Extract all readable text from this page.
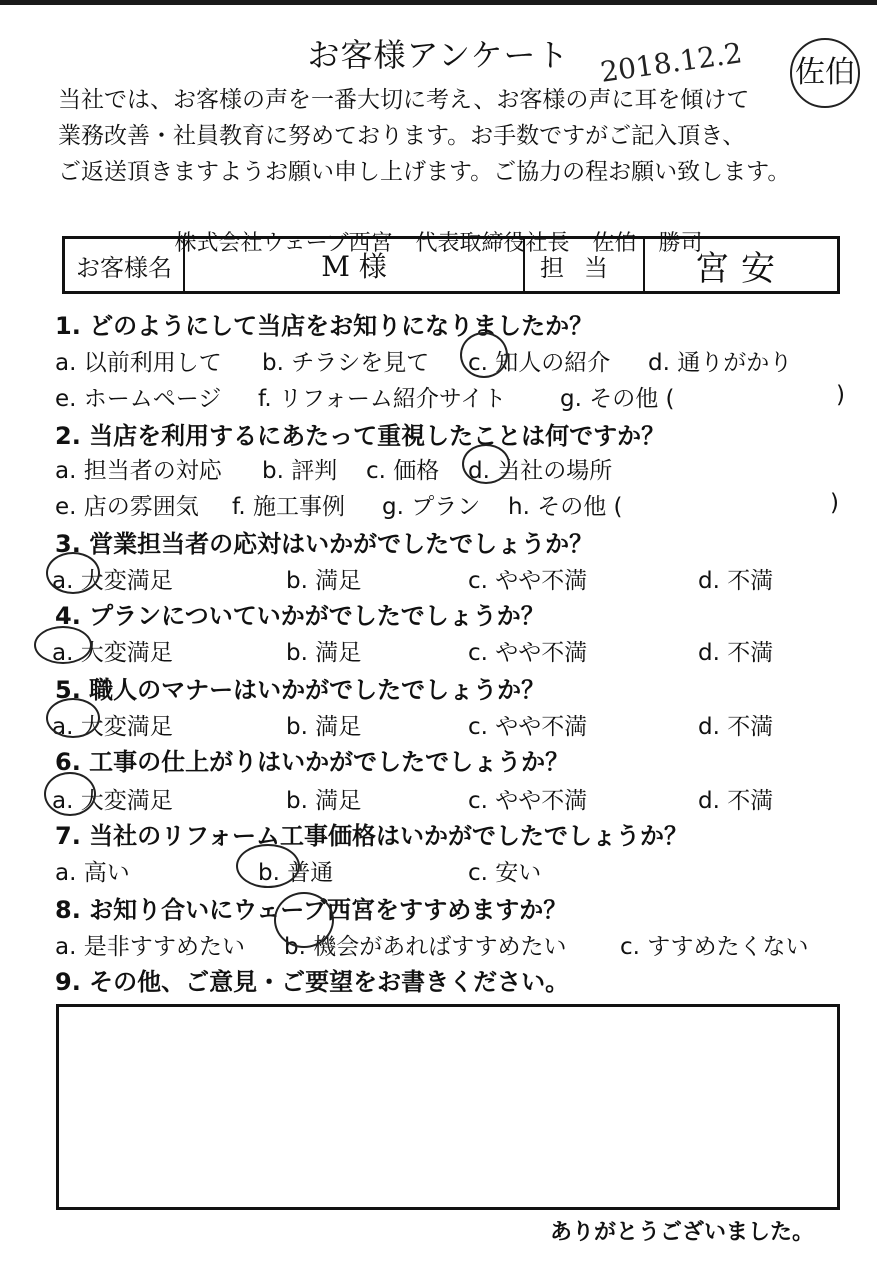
お客様アンケート	2018.12.2 佐伯
当社では、お客様の声を一番大切に考え、お客様の声に耳を傾けて
業務改善・社員教育に努めております。お手数ですがご記入頂き、
ご返送頂きますようお願い申し上げます。ご協力の程お願い致します。
株式会社ウェーブ西宮 代表取締役社長 佐伯　勝司
お客様名	M 様	担当	宮安
1. どのようにして当店をお知りになりましたか？
a. 以前利用して b. チラシを見て c. 知人の紹介 d. 通りがかり
e. ホームページ f. リフォーム紹介サイト g. その他 (	)
2. 当店を利用するにあたって重視したことは何ですか？
a. 担当者の対応 b. 評判 c. 価格 d. 当社の場所
e. 店の雰囲気 f. 施工事例 g. プラン h. その他 (	)
3. 営業担当者の応対はいかがでしたでしょうか？
a. 大変満足	b. 満足	c. やや不満	d. 不満
4. プランについていかがでしたでしょうか？
a. 大変満足	b. 満足	c. やや不満	d. 不満
5. 職人のマナーはいかがでしたでしょうか？
a. 大変満足	b. 満足	c. やや不満	d. 不満
6. 工事の仕上がりはいかがでしたでしょうか？
a. 大変満足	b. 満足	c. やや不満	d. 不満
7. 当社のリフォーム工事価格はいかがでしたでしょうか？
a. 高い	b. 普通	c. 安い
8. お知り合いにウェーブ西宮をすすめますか？
a. 是非すすめたい b. 機会があればすすめたい c. すすめたくない
9. その他、ご意見・ご要望をお書きください。
ありがとうございました。
